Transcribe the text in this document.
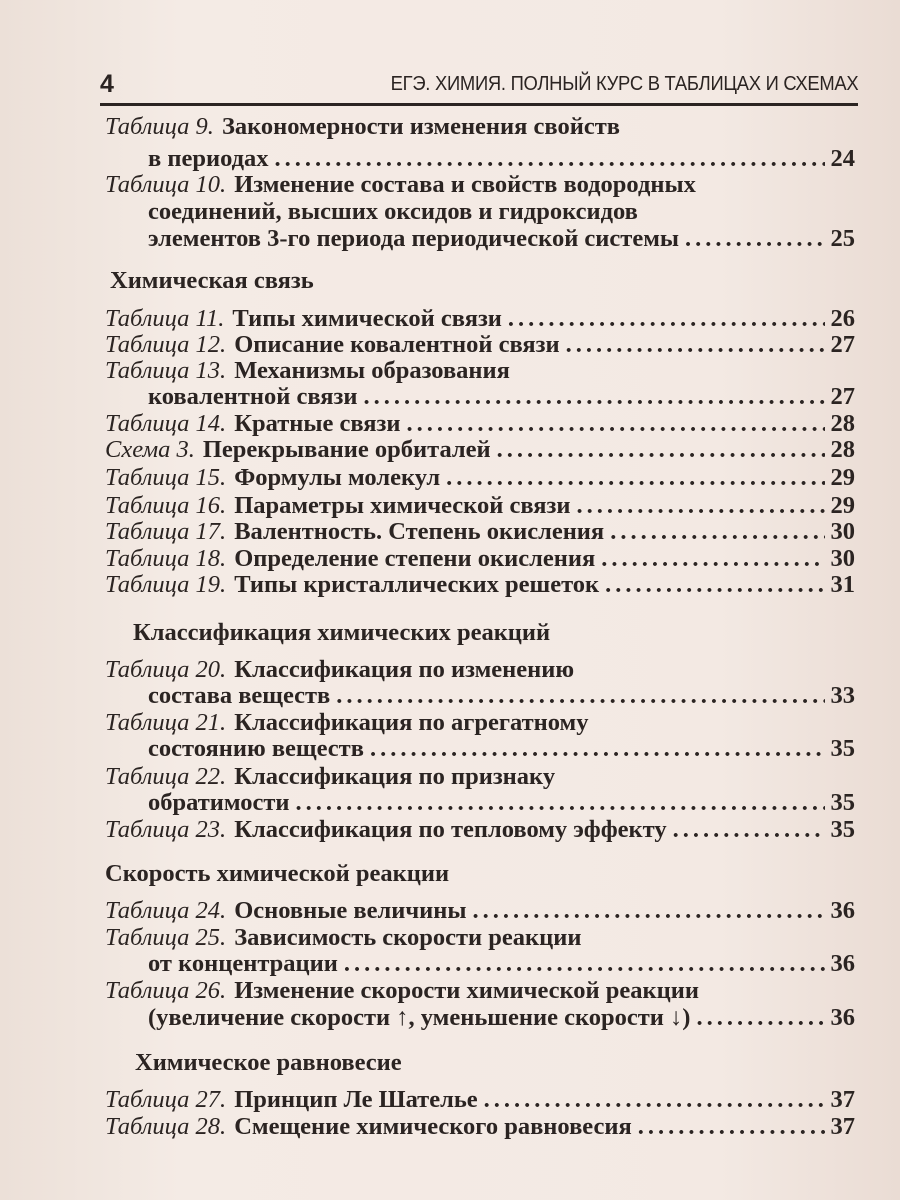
4	ЕГЭ. ХИМИЯ. ПОЛНЫЙ КУРС В ТАБЛИЦАХ И СХЕМАХ
Таблица 9. Закономерности изменения свойств
в периодах .....	24
Таблица 10. Изменение состава и свойств водородных
соединений, высших оксидов и гидроксидов
элементов 3-го периода периодической системы .....	25
Химическая связь
Таблица 11. Типы химической связи .....	26
Таблица 12. Описание ковалентной связи .....	27
Таблица 13. Механизмы образования
ковалентной связи .....	27
Таблица 14. Кратные связи .....	28
Схема 3. Перекрывание орбиталей .....	28
Таблица 15. Формулы молекул .....	29
Таблица 16. Параметры химической связи .....	29
Таблица 17. Валентность. Степень окисления .....	30
Таблица 18. Определение степени окисления .....	30
Таблица 19. Типы кристаллических решеток .....	31
Классификация химических реакций
Таблица 20. Классификация по изменению
состава веществ .....	33
Таблица 21. Классификация по агрегатному
состоянию веществ .....	35
Таблица 22. Классификация по признаку
обратимости .....	35
Таблица 23. Классификация по тепловому эффекту .....	35
Скорость химической реакции
Таблица 24. Основные величины .....	36
Таблица 25. Зависимость скорости реакции
от концентрации .....	36
Таблица 26. Изменение скорости химической реакции
(увеличение скорости ↑, уменьшение скорости ↓) .....	36
Химическое равновесие
Таблица 27. Принцип Ле Шателье .....	37
Таблица 28. Смещение химического равновесия .....	37
